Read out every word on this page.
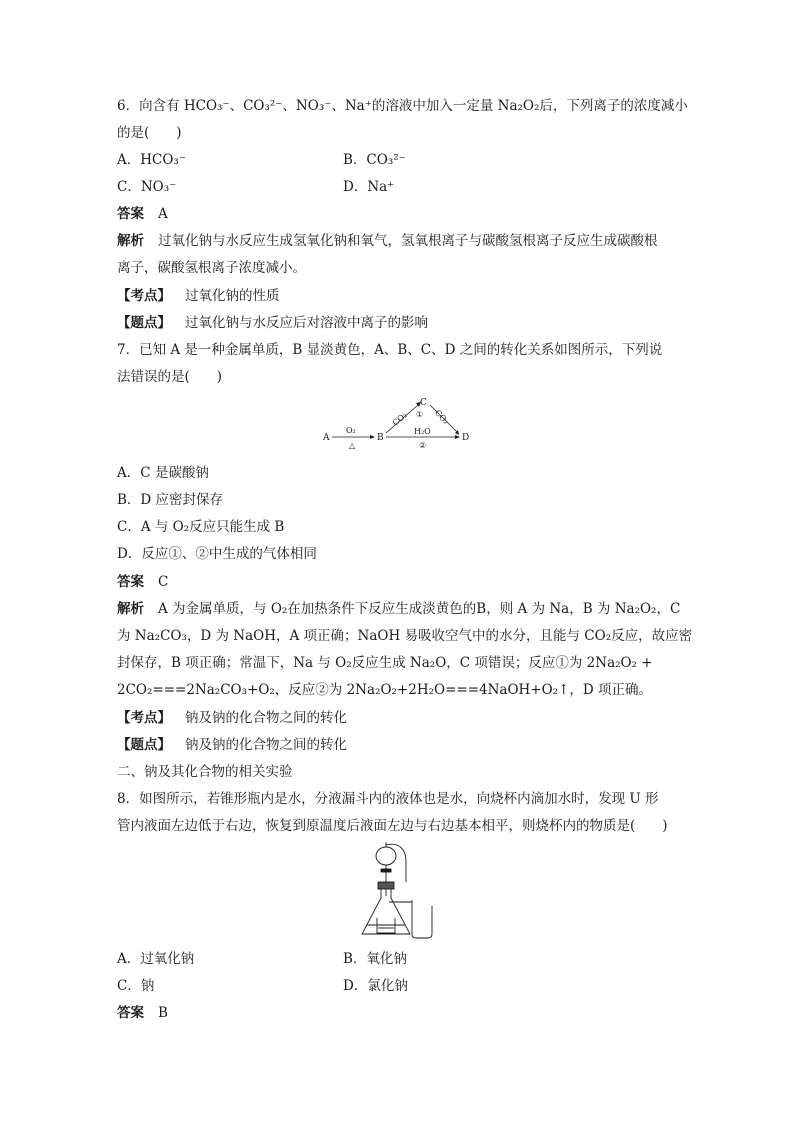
6．向含有 HCO₃⁻、CO₃²⁻、NO₃⁻、Na⁺的溶液中加入一定量 Na₂O₂后，下列离子的浓度减小
的是(　　)
A．HCO₃⁻	B．CO₃²⁻
C．NO₃⁻	D．Na⁺
答案 A
解析 过氧化钠与水反应生成氢氧化钠和氧气，氢氧根离子与碳酸氢根离子反应生成碳酸根
离子，碳酸氢根离子浓度减小。
【考点】 过氧化钠的性质
【题点】 过氧化钠与水反应后对溶液中离子的影响
7．已知 A 是一种金属单质，B 显淡黄色，A、B、C、D 之间的转化关系如图所示，下列说
法错误的是(　　)
A
O₂
△
B
C
D
CO₂	CO₂
①
H₂O
②
A．C 是碳酸钠
B．D 应密封保存
C．A 与 O₂反应只能生成 B
D．反应①、②中生成的气体相同
答案 C
解析 A 为金属单质，与 O₂在加热条件下反应生成淡黄色的B，则 A 为 Na，B 为 Na₂O₂，C
为 Na₂CO₃，D 为 NaOH，A 项正确；NaOH 易吸收空气中的水分，且能与 CO₂反应，故应密
封保存，B 项正确；常温下，Na 与 O₂反应生成 Na₂O，C 项错误；反应①为 2Na₂O₂ +
2CO₂===2Na₂CO₃+O₂，反应②为 2Na₂O₂+2H₂O===4NaOH+O₂↑，D 项正确。
【考点】 钠及钠的化合物之间的转化
【题点】 钠及钠的化合物之间的转化
二、钠及其化合物的相关实验
8．如图所示，若锥形瓶内是水，分液漏斗内的液体也是水，向烧杯内滴加水时，发现 U 形
管内液面左边低于右边，恢复到原温度后液面左边与右边基本相平，则烧杯内的物质是(　　)
A．过氧化钠	B．氧化钠
C．钠	D．氯化钠
答案 B
